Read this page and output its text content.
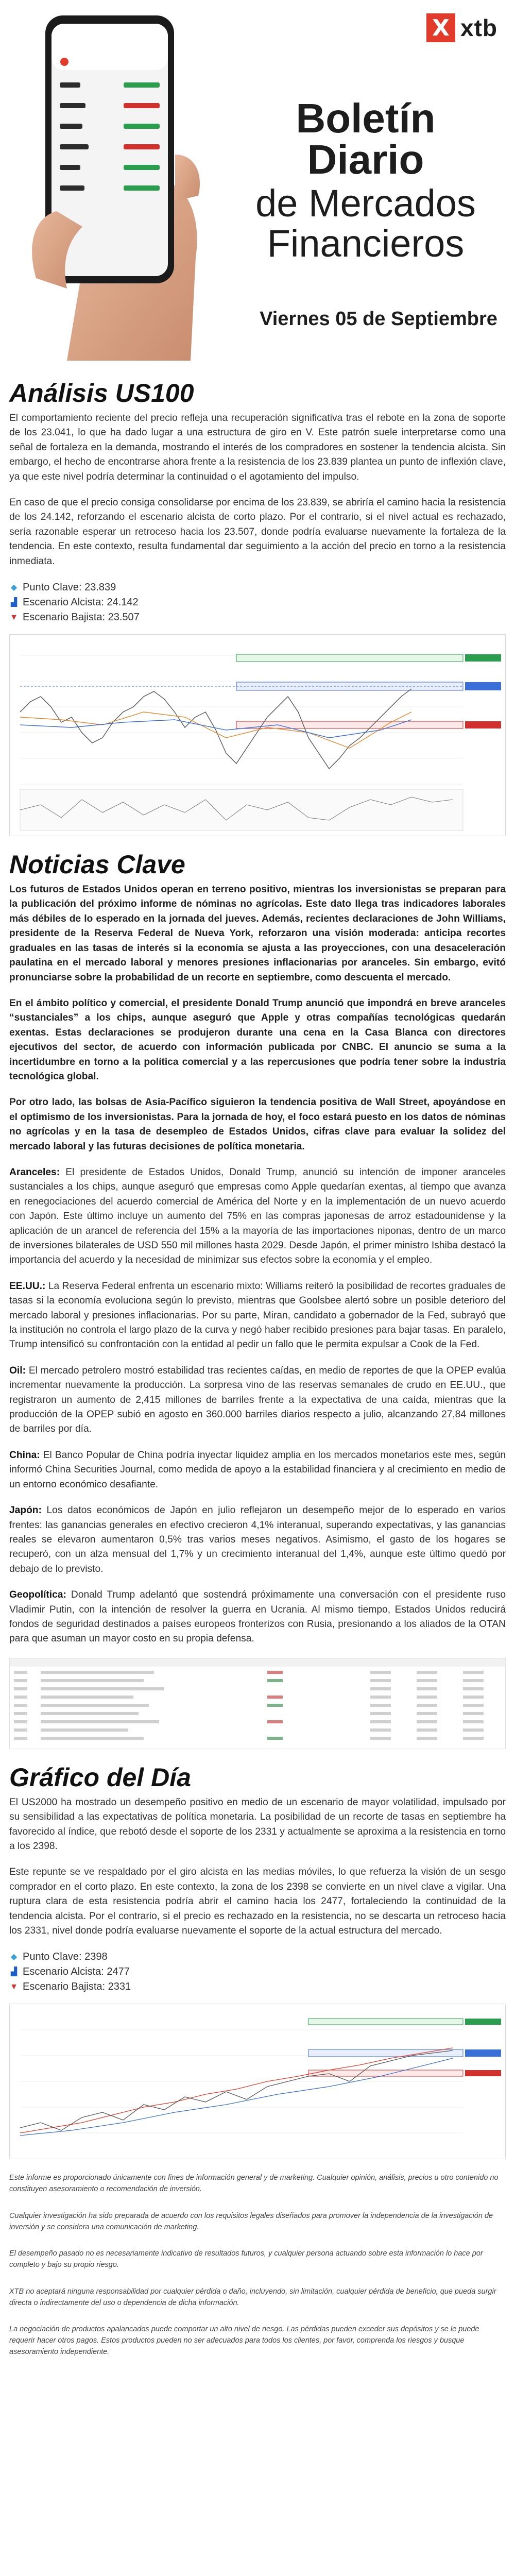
X xtb
Boletín Diario
de Mercados
Financieros
Viernes 05 de Septiembre
Análisis US100

El comportamiento reciente del precio refleja una recuperación significativa tras el rebote en la zona de soporte de los 23.041, lo que ha dado lugar a una estructura de giro en V. Este patrón suele interpretarse como una señal de fortaleza en la demanda, mostrando el interés de los compradores en sostener la tendencia alcista. Sin embargo, el hecho de encontrarse ahora frente a la resistencia de los 23.839 plantea un punto de inflexión clave, ya que este nivel podría determinar la continuidad o el agotamiento del impulso.

En caso de que el precio consiga consolidarse por encima de los 23.839, se abriría el camino hacia la resistencia de los 24.142, reforzando el escenario alcista de corto plazo. Por el contrario, si el nivel actual es rechazado, sería razonable esperar un retroceso hacia los 23.507, donde podría evaluarse nuevamente la fortaleza de la tendencia. En este contexto, resulta fundamental dar seguimiento a la acción del precio en torno a la resistencia inmediata.

◆ Punto Clave: 23.839
▟ Escenario Alcista: 24.142
▼ Escenario Bajista: 23.507
Noticias Clave

Los futuros de Estados Unidos operan en terreno positivo, mientras los inversionistas se preparan para la publicación del próximo informe de nóminas no agrícolas. Este dato llega tras indicadores laborales más débiles de lo esperado en la jornada del jueves. Además, recientes declaraciones de John Williams, presidente de la Reserva Federal de Nueva York, reforzaron una visión moderada: anticipa recortes graduales en las tasas de interés si la economía se ajusta a las proyecciones, con una desaceleración paulatina en el mercado laboral y menores presiones inflacionarias por aranceles. Sin embargo, evitó pronunciarse sobre la probabilidad de un recorte en septiembre, como descuenta el mercado.

En el ámbito político y comercial, el presidente Donald Trump anunció que impondrá en breve aranceles “sustanciales” a los chips, aunque aseguró que Apple y otras compañías tecnológicas quedarán exentas. Estas declaraciones se produjeron durante una cena en la Casa Blanca con directores ejecutivos del sector, de acuerdo con información publicada por CNBC. El anuncio se suma a la incertidumbre en torno a la política comercial y a las repercusiones que podría tener sobre la industria tecnológica global.

Por otro lado, las bolsas de Asia-Pacífico siguieron la tendencia positiva de Wall Street, apoyándose en el optimismo de los inversionistas. Para la jornada de hoy, el foco estará puesto en los datos de nóminas no agrícolas y en la tasa de desempleo de Estados Unidos, cifras clave para evaluar la solidez del mercado laboral y las futuras decisiones de política monetaria.

Aranceles: El presidente de Estados Unidos, Donald Trump, anunció su intención de imponer aranceles sustanciales a los chips, aunque aseguró que empresas como Apple quedarían exentas, al tiempo que avanza en renegociaciones del acuerdo comercial de América del Norte y en la implementación de un nuevo acuerdo con Japón. Este último incluye un aumento del 75% en las compras japonesas de arroz estadounidense y la aplicación de un arancel de referencia del 15% a la mayoría de las importaciones niponas, dentro de un marco de inversiones bilaterales de USD 550 mil millones hasta 2029. Desde Japón, el primer ministro Ishiba destacó la importancia del acuerdo y la necesidad de minimizar sus efectos sobre la economía y el empleo.

EE.UU.: La Reserva Federal enfrenta un escenario mixto: Williams reiteró la posibilidad de recortes graduales de tasas si la economía evoluciona según lo previsto, mientras que Goolsbee alertó sobre un posible deterioro del mercado laboral y presiones inflacionarias. Por su parte, Miran, candidato a gobernador de la Fed, subrayó que la institución no controla el largo plazo de la curva y negó haber recibido presiones para bajar tasas. En paralelo, Trump intensificó su confrontación con la entidad al pedir un fallo que le permita expulsar a Cook de la Fed.

Oil: El mercado petrolero mostró estabilidad tras recientes caídas, en medio de reportes de que la OPEP evalúa incrementar nuevamente la producción. La sorpresa vino de las reservas semanales de crudo en EE.UU., que registraron un aumento de 2,415 millones de barriles frente a la expectativa de una caída, mientras que la producción de la OPEP subió en agosto en 360.000 barriles diarios respecto a julio, alcanzando 27,84 millones de barriles por día.

China: El Banco Popular de China podría inyectar liquidez amplia en los mercados monetarios este mes, según informó China Securities Journal, como medida de apoyo a la estabilidad financiera y al crecimiento en medio de un entorno económico desafiante.

Japón: Los datos económicos de Japón en julio reflejaron un desempeño mejor de lo esperado en varios frentes: las ganancias generales en efectivo crecieron 4,1% interanual, superando expectativas, y las ganancias reales se elevaron aumentaron 0,5% tras varios meses negativos. Asimismo, el gasto de los hogares se recuperó, con un alza mensual del 1,7% y un crecimiento interanual del 1,4%, aunque este último quedó por debajo de lo previsto.

Geopolítica: Donald Trump adelantó que sostendrá próximamente una conversación con el presidente ruso Vladimir Putin, con la intención de resolver la guerra en Ucrania. Al mismo tiempo, Estados Unidos reducirá fondos de seguridad destinados a países europeos fronterizos con Rusia, presionando a los aliados de la OTAN para que asuman un mayor costo en su propia defensa.

Gráfico del Día

El US2000 ha mostrado un desempeño positivo en medio de un escenario de mayor volatilidad, impulsado por su sensibilidad a las expectativas de política monetaria. La posibilidad de un recorte de tasas en septiembre ha favorecido al índice, que rebotó desde el soporte de los 2331 y actualmente se aproxima a la resistencia en torno a los 2398.

Este repunte se ve respaldado por el giro alcista en las medias móviles, lo que refuerza la visión de un sesgo comprador en el corto plazo. En este contexto, la zona de los 2398 se convierte en un nivel clave a vigilar. Una ruptura clara de esta resistencia podría abrir el camino hacia los 2477, fortaleciendo la continuidad de la tendencia alcista. Por el contrario, si el precio es rechazado en la resistencia, no se descarta un retroceso hacia los 2331, nivel donde podría evaluarse nuevamente el soporte de la actual estructura del mercado.

◆ Punto Clave: 2398
▟ Escenario Alcista: 2477
▼ Escenario Bajista: 2331

Este informe es proporcionado únicamente con fines de información general y de marketing. Cualquier opinión, análisis, precios u otro contenido no constituyen asesoramiento o recomendación de inversión.

Cualquier investigación ha sido preparada de acuerdo con los requisitos legales diseñados para promover la independencia de la investigación de inversión y se considera una comunicación de marketing.

El desempeño pasado no es necesariamente indicativo de resultados futuros, y cualquier persona actuando sobre esta información lo hace por completo y bajo su propio riesgo.

XTB no aceptará ninguna responsabilidad por cualquier pérdida o daño, incluyendo, sin limitación, cualquier pérdida de beneficio, que pueda surgir directa o indirectamente del uso o dependencia de dicha información.

La negociación de productos apalancados puede comportar un alto nivel de riesgo. Las pérdidas pueden exceder sus depósitos y se le puede requerir hacer otros pagos. Estos productos pueden no ser adecuados para todos los clientes, por favor, comprenda los riesgos y busque asesoramiento independiente.
